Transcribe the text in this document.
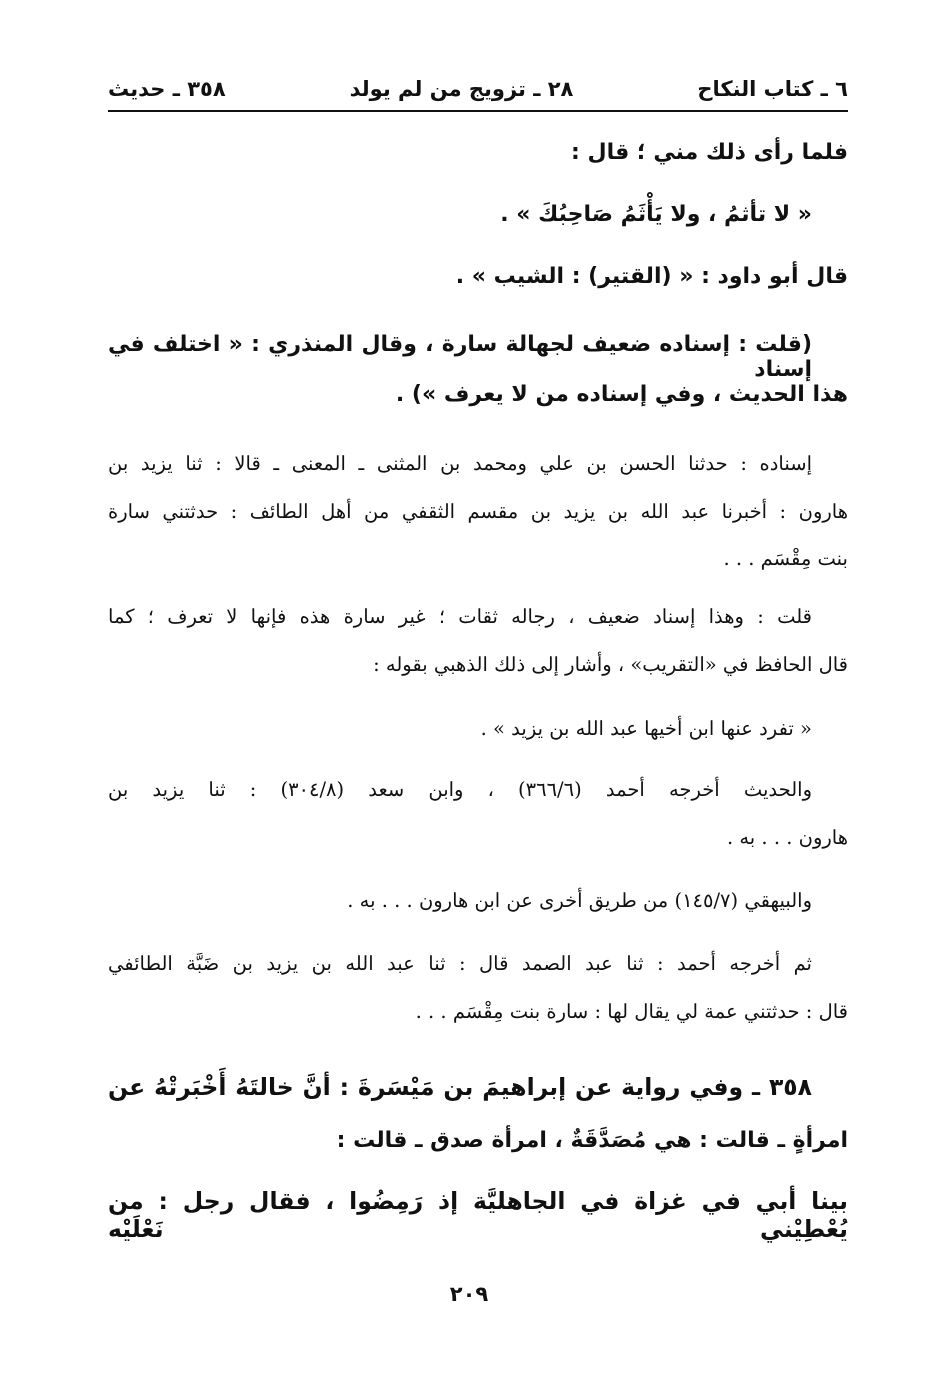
٦ ـ كتاب النكاح
٢٨ ـ تزويج من لم يولد
٣٥٨ ـ حديث
فلما رأى ذلك مني ؛ قال :
« لا تأثمُ ، ولا يَأْثَمُ صَاحِبُكَ » .
قال أبو داود : « (القتير) : الشيب » .
(قلت : إسناده ضعيف لجهالة سارة ، وقال المنذري : « اختلف في إسناد
هذا الحديث ، وفي إسناده من لا يعرف ») .
إسناده : حدثنا الحسن بن علي ومحمد بن المثنى ـ المعنى ـ قالا : ثنا يزيد بن
هارون : أخبرنا عبد الله بن يزيد بن مقسم الثقفي من أهل الطائف : حدثتني سارة
بنت مِقْسَم . . .
قلت : وهذا إسناد ضعيف ، رجاله ثقات ؛ غير سارة هذه فإنها لا تعرف ؛ كما
قال الحافظ في «التقريب» ، وأشار إلى ذلك الذهبي بقوله :
« تفرد عنها ابن أخيها عبد الله بن يزيد » .
والحديث أخرجه أحمد (٣٦٦/٦) ، وابن سعد (٣٠٤/٨) : ثنا يزيد بن
هارون . . . به .
والبيهقي (١٤٥/٧) من طريق أخرى عن ابن هارون . . . به .
ثم أخرجه أحمد : ثنا عبد الصمد قال : ثنا عبد الله بن يزيد بن ضَبَّة الطائفي
قال : حدثتني عمة لي يقال لها : سارة بنت مِقْسَم . . .
٣٥٨ ـ وفي رواية عن إبراهيمَ بن مَيْسَرةَ : أنَّ خالتَهُ أَخْبَرتْهُ عن
امرأةٍ ـ قالت : هي مُصَدَّقَةٌ ، امرأة صدق ـ قالت :
بينا أبي في غزاة في الجاهليَّة إذ رَمِضُوا ، فقال رجل : من يُعْطِيْني نَعْلَيْه
٢٠٩
